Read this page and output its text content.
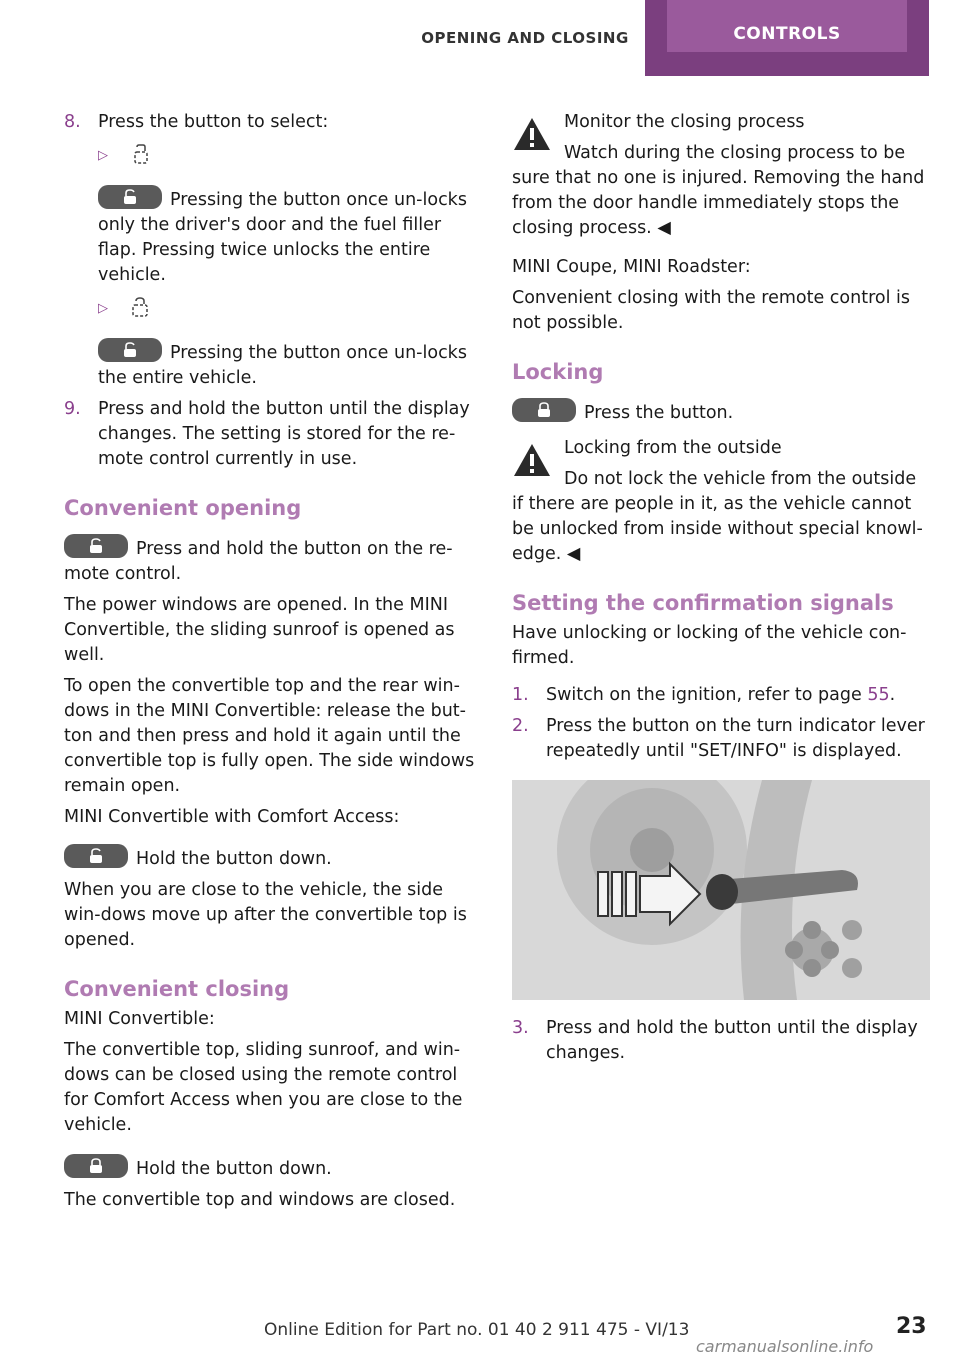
OPENING AND CLOSING	CONTROLS
8. Press the button to select:
▷

Pressing the button once un-locks only the driver's door and the fuel filler flap. Pressing twice unlocks the entire vehicle.

▷

Pressing the button once un-locks the entire vehicle.

9. Press and hold the button until the display changes. The setting is stored for the re-mote control currently in use.
Convenient opening

Press and hold the button on the re-mote control.

The power windows are opened. In the MINI Convertible, the sliding sunroof is opened as well.

To open the convertible top and the rear win-dows in the MINI Convertible: release the but-ton and then press and hold it again until the convertible top is fully open. The side windows remain open.

MINI Convertible with Comfort Access:

Hold the button down.

When you are close to the vehicle, the side win-dows move up after the convertible top is opened.

Convenient closing

MINI Convertible:

The convertible top, sliding sunroof, and win-dows can be closed using the remote control for Comfort Access when you are close to the vehicle.

Hold the button down.

The convertible top and windows are closed.

Monitor the closing process
Watch during the closing process to be sure that no one is injured. Removing the hand from the door handle immediately stops the closing process. ◀

MINI Coupe, MINI Roadster:

Convenient closing with the remote control is not possible.

Locking

Press the button.

Locking from the outside
Do not lock the vehicle from the outside if there are people in it, as the vehicle cannot be unlocked from inside without special knowl-edge. ◀
Setting the confirmation signals

Have unlocking or locking of the vehicle con-firmed.

1. Switch on the ignition, refer to page 55.
2. Press the button on the turn indicator lever repeatedly until "SET/INFO" is displayed.
3. Press and hold the button until the display changes.
Online Edition for Part no. 01 40 2 911 475 - VI/13	23
carmanualsonline.info
